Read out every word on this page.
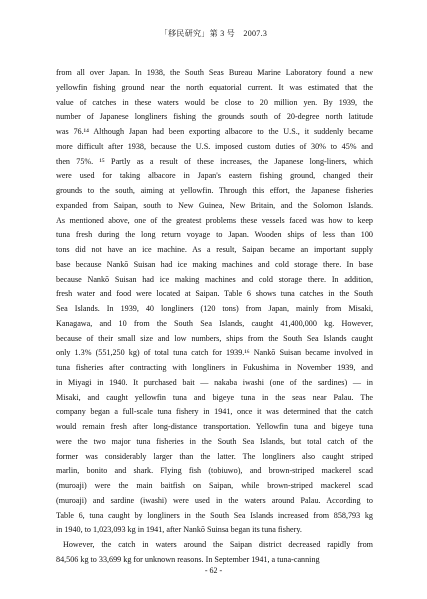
「移民研究」第 3 号　2007.3
from all over Japan. In 1938, the South Seas Bureau Marine Laboratory found a new
yellowfin fishing ground near the north equatorial current. It was estimated that the
value of catches in these waters would be close to 20 million yen. By 1939, the
number of Japanese longliners fishing the grounds south of 20-degree north latitude
was 76.¹⁴ Although Japan had been exporting albacore to the U.S., it suddenly became
more difficult after 1938, because the U.S. imposed custom duties of 30% to 45% and
then 75%. ¹⁵ Partly as a result of these increases, the Japanese long-liners, which
were used for taking albacore in Japan's eastern fishing ground, changed their
grounds to the south, aiming at yellowfin. Through this effort, the Japanese fisheries
expanded from Saipan, south to New Guinea, New Britain, and the Solomon Islands.
As mentioned above, one of the greatest problems these vessels faced was how to keep
tuna fresh during the long return voyage to Japan. Wooden ships of less than 100
tons did not have an ice machine. As a result, Saipan became an important supply
base because Nankō Suisan had ice making machines and cold storage there. In base
because Nankō Suisan had ice making machines and cold storage there. In addition,
fresh water and food were located at Saipan. Table 6 shows tuna catches in the South
Sea Islands. In 1939, 40 longliners (120 tons) from Japan, mainly from Misaki,
Kanagawa, and 10 from the South Sea Islands, caught 41,400,000 kg. However,
because of their small size and low numbers, ships from the South Sea Islands caught
only 1.3% (551,250 kg) of total tuna catch for 1939.¹⁶ Nankō Suisan became involved in
tuna fisheries after contracting with longliners in Fukushima in November 1939, and
in Miyagi in 1940. It purchased bait ― nakaba iwashi (one of the sardines) ― in
Misaki, and caught yellowfin tuna and bigeye tuna in the seas near Palau. The
company began a full-scale tuna fishery in 1941, once it was determined that the catch
would remain fresh after long-distance transportation. Yellowfin tuna and bigeye tuna
were the two major tuna fisheries in the South Sea Islands, but total catch of the
former was considerably larger than the latter. The longliners also caught striped
marlin, bonito and shark. Flying fish (tobiuwo), and brown-striped mackerel scad
(muroaji) were the main baitfish on Saipan, while brown-striped mackerel scad
(muroaji) and sardine (iwashi) were used in the waters around Palau. According to
Table 6, tuna caught by longliners in the South Sea Islands increased from 858,793 kg
in 1940, to 1,023,093 kg in 1941, after Nankō Suinsa began its tuna fishery.
However, the catch in waters around the Saipan district decreased rapidly from
84,506 kg to 33,699 kg for unknown reasons. In September 1941, a tuna-canning
- 62 -
